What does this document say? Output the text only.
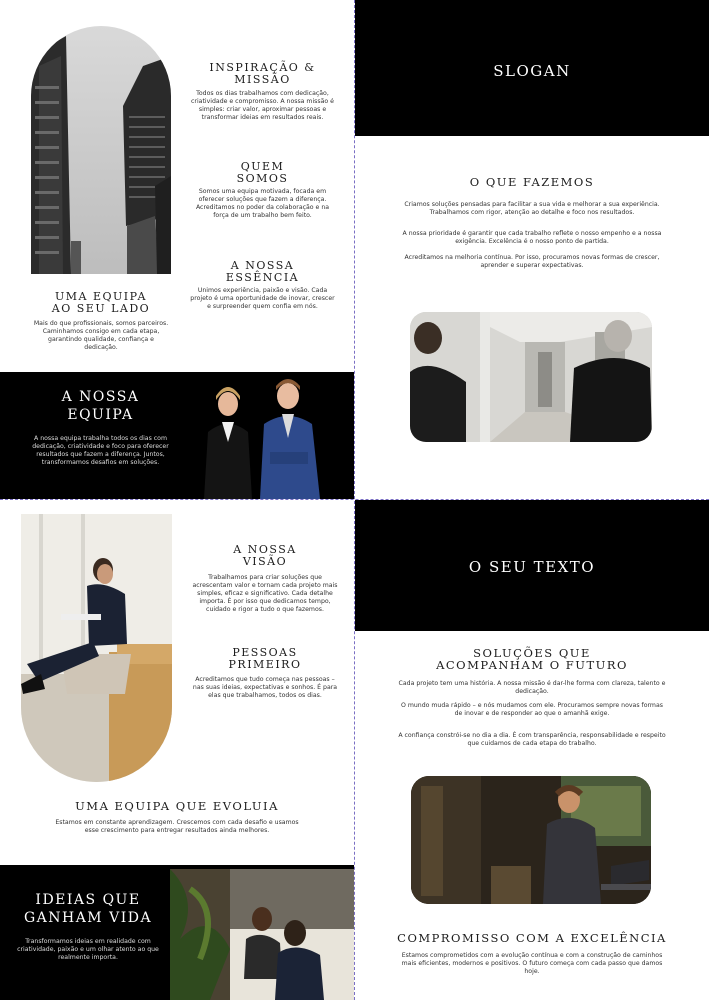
INSPIRAÇÃO &
MISSÃO
Todos os dias trabalhamos com dedicação, criatividade e compromisso. A nossa missão é simples: criar valor, aproximar pessoas e transformar ideias em resultados reais.
QUEM
SOMOS
Somos uma equipa motivada, focada em oferecer soluções que fazem a diferença. Acreditamos no poder da colaboração e na força de um trabalho bem feito.
A NOSSA
ESSÊNCIA
Unimos experiência, paixão e visão. Cada projeto é uma oportunidade de inovar, crescer e surpreender quem confia em nós.
UMA EQUIPA
AO SEU LADO
Mais do que profissionais, somos parceiros. Caminhamos consigo em cada etapa, garantindo qualidade, confiança e dedicação.
A NOSSA
EQUIPA
A nossa equipa trabalha todos os dias com dedicação, criatividade e foco para oferecer resultados que fazem a diferença. Juntos, transformamos desafios em soluções.
SLOGAN
O QUE FAZEMOS
Criamos soluções pensadas para facilitar a sua vida e melhorar a sua experiência. Trabalhamos com rigor, atenção ao detalhe e foco nos resultados.
A nossa prioridade é garantir que cada trabalho reflete o nosso empenho e a nossa exigência. Excelência é o nosso ponto de partida.
Acreditamos na melhoria contínua. Por isso, procuramos novas formas de crescer, aprender e superar expectativas.
A NOSSA
VISÃO
Trabalhamos para criar soluções que acrescentam valor e tornam cada projeto mais simples, eficaz e significativo. Cada detalhe importa. É por isso que dedicamos tempo, cuidado e rigor a tudo o que fazemos.
PESSOAS
PRIMEIRO
Acreditamos que tudo começa nas pessoas – nas suas ideias, expectativas e sonhos. É para elas que trabalhamos, todos os dias.
UMA EQUIPA QUE EVOLUIA
Estamos em constante aprendizagem. Crescemos com cada desafio e usamos esse crescimento para entregar resultados ainda melhores.
IDEIAS QUE
GANHAM VIDA
Transformamos ideias em realidade com criatividade, paixão e um olhar atento ao que realmente importa.
O SEU TEXTO
SOLUÇÕES QUE
ACOMPANHAM O FUTURO
Cada projeto tem uma história. A nossa missão é dar-lhe forma com clareza, talento e dedicação.
O mundo muda rápido – e nós mudamos com ele. Procuramos sempre novas formas de inovar e de responder ao que o amanhã exige.
A confiança constrói-se no dia a dia. É com transparência, responsabilidade e respeito que cuidamos de cada etapa do trabalho.
COMPROMISSO COM A EXCELÊNCIA
Estamos comprometidos com a evolução contínua e com a construção de caminhos mais eficientes, modernos e positivos. O futuro começa com cada passo que damos hoje.
